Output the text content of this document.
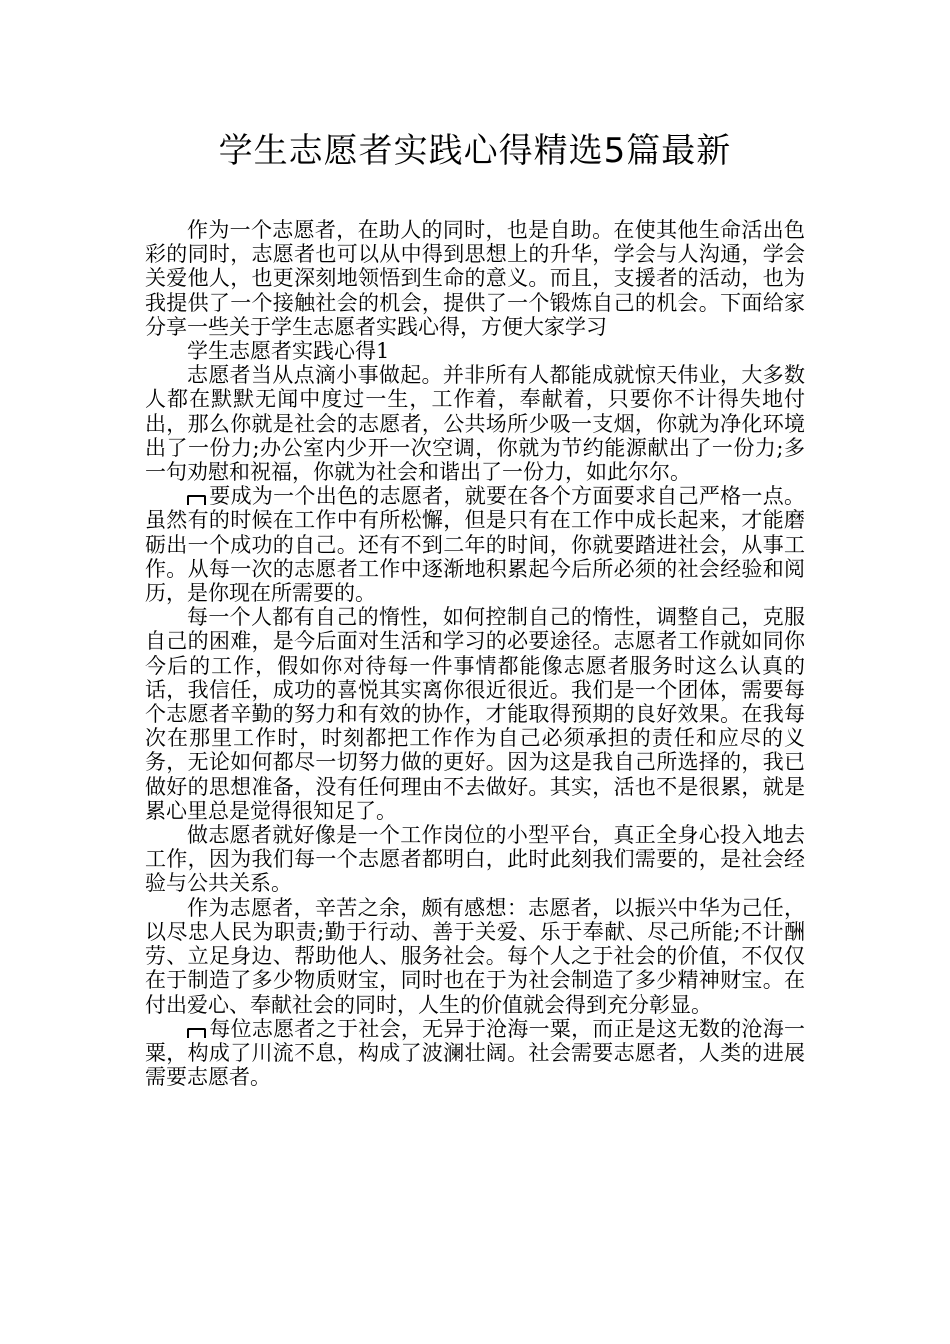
学生志愿者实践心得精选5篇最新

作为一个志愿者，在助人的同时，也是自助。在使其他生命活出色彩的同时，志愿者也可以从中得到思想上的升华，学会与人沟通，学会关爱他人，也更深刻地领悟到生命的意义。而且，支援者的活动，也为我提供了一个接触社会的机会，提供了一个锻炼自己的机会。下面给家分享一些关于学生志愿者实践心得，方便大家学习

学生志愿者实践心得1

志愿者当从点滴小事做起。并非所有人都能成就惊天伟业，大多数人都在默默无闻中度过一生，工作着，奉献着，只要你不计得失地付出，那么你就是社会的志愿者，公共场所少吸一支烟，你就为净化环境出了一份力;办公室内少开一次空调，你就为节约能源献出了一份力;多一句劝慰和祝福，你就为社会和谐出了一份力，如此尔尔。

要成为一个出色的志愿者，就要在各个方面要求自己严格一点。虽然有的时候在工作中有所松懈，但是只有在工作中成长起来，才能磨砺出一个成功的自己。还有不到二年的时间，你就要踏进社会，从事工作。从每一次的志愿者工作中逐渐地积累起今后所必须的社会经验和阅历，是你现在所需要的。

每一个人都有自己的惰性，如何控制自己的惰性，调整自己，克服自己的困难，是今后面对生活和学习的必要途径。志愿者工作就如同你今后的工作，假如你对待每一件事情都能像志愿者服务时这么认真的话，我信任，成功的喜悦其实离你很近很近。我们是一个团体，需要每个志愿者辛勤的努力和有效的协作，才能取得预期的良好效果。在我每次在那里工作时，时刻都把工作作为自己必须承担的责任和应尽的义务，无论如何都尽一切努力做的更好。因为这是我自己所选择的，我已做好的思想准备，没有任何理由不去做好。其实，活也不是很累，就是累心里总是觉得很知足了。

做志愿者就好像是一个工作岗位的小型平台，真正全身心投入地去工作，因为我们每一个志愿者都明白，此时此刻我们需要的，是社会经验与公共关系。

作为志愿者，辛苦之余，颇有感想：志愿者，以振兴中华为己任，以尽忠人民为职责;勤于行动、善于关爱、乐于奉献、尽己所能;不计酬劳、立足身边、帮助他人、服务社会。每个人之于社会的价值，不仅仅在于制造了多少物质财宝，同时也在于为社会制造了多少精神财宝。在付出爱心、奉献社会的同时，人生的价值就会得到充分彰显。

每位志愿者之于社会，无异于沧海一粟，而正是这无数的沧海一粟，构成了川流不息，构成了波澜壮阔。社会需要志愿者，人类的进展需要志愿者。
